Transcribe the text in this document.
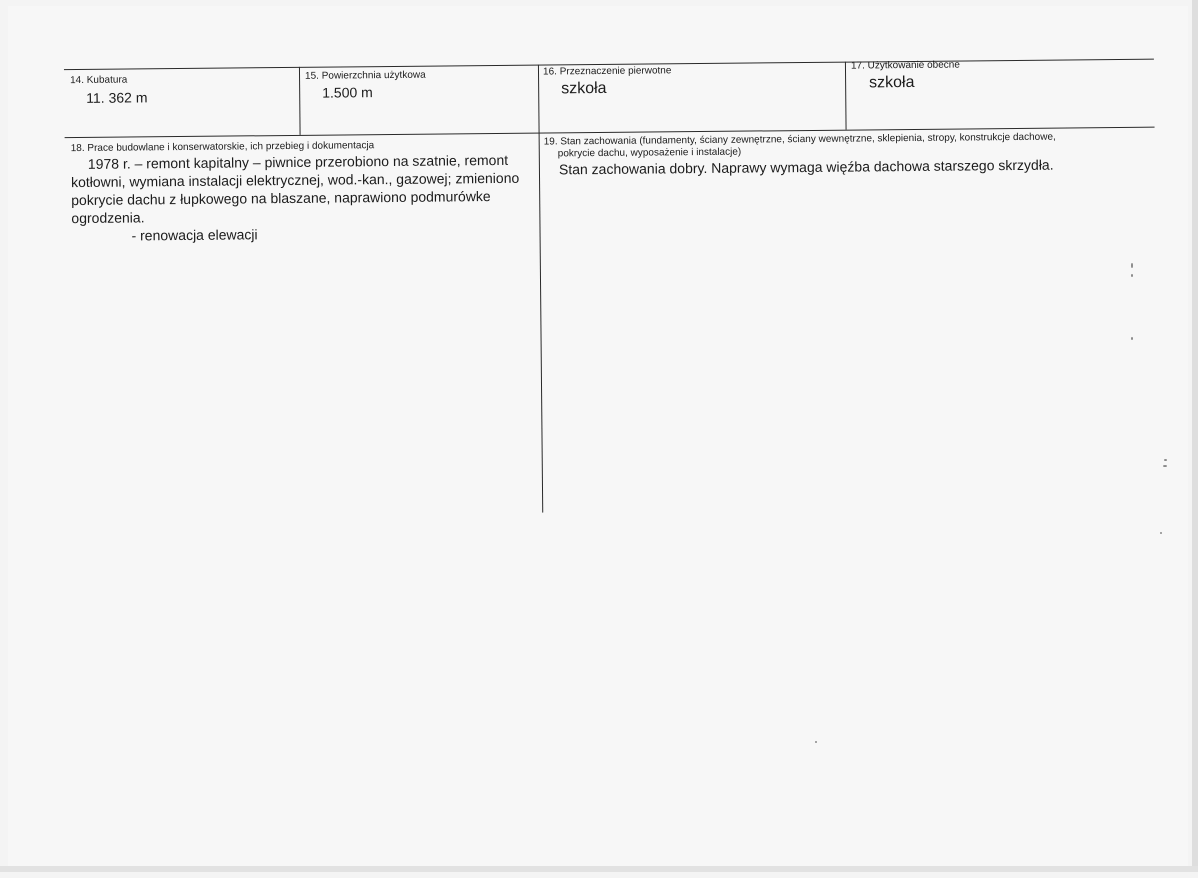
14. Kubatura
11. 362 m
15. Powierzchnia użytkowa
1.500 m
16. Przeznaczenie pierwotne
szkoła
17. Użytkowanie obecne
szkoła
18. Prace budowlane i konserwatorskie, ich przebieg i dokumentacja
1978 r. – remont kapitalny – piwnice przerobiono na szatnie, remont
kotłowni, wymiana instalacji elektrycznej, wod.-kan., gazowej; zmieniono
pokrycie dachu z łupkowego na blaszane, naprawiono podmurówke
ogrodzenia.
- renowacja elewacji
19. Stan zachowania (fundamenty, ściany zewnętrzne, ściany wewnętrzne, sklepienia, stropy, konstrukcje dachowe,
pokrycie dachu, wyposażenie i instalacje)
Stan zachowania dobry. Naprawy wymaga więźba dachowa starszego skrzydła.
